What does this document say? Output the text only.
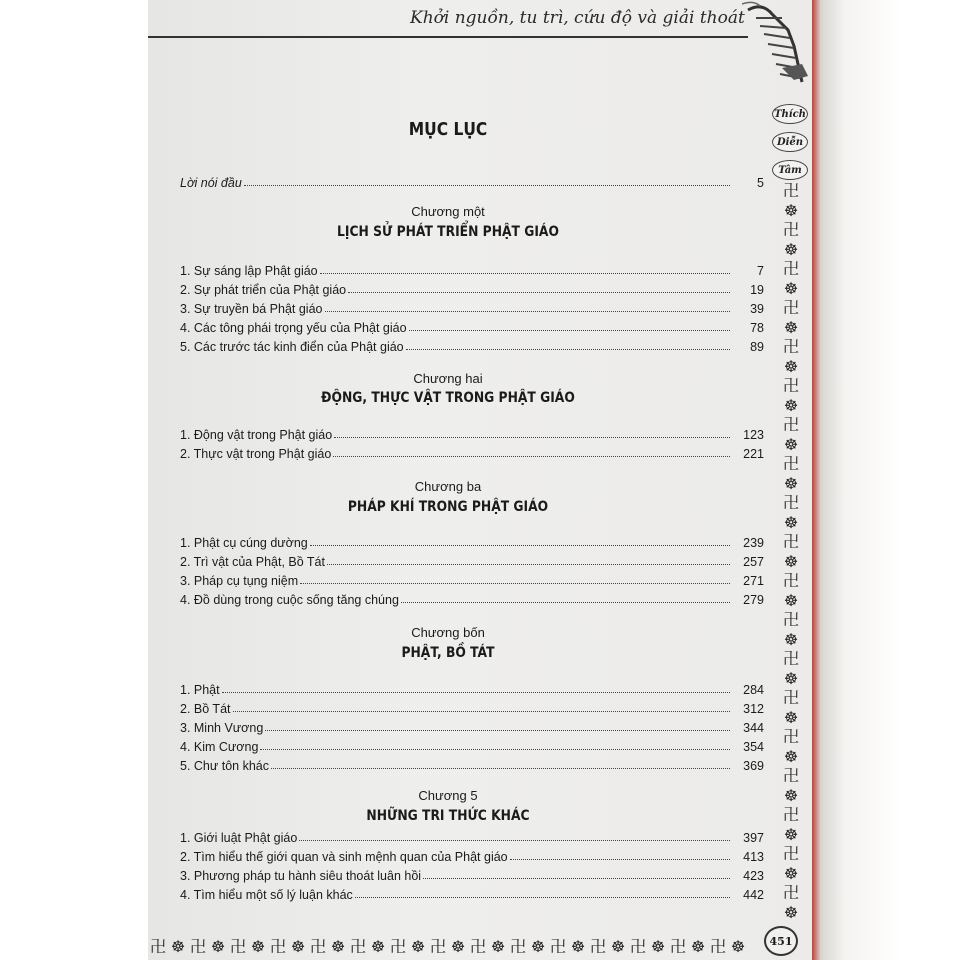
Khởi nguồn, tu trì, cứu độ và giải thoát
Thích
Diễn
Tâm
卍
☸
卍
☸
卍
☸
卍
☸
卍
☸
卍
☸
卍
☸
卍
☸
卍
☸
卍
☸
卍
☸
卍
☸
卍
☸
卍
☸
卍
☸
卍
☸
卍
☸
卍
☸
卍
☸
卍 ☸ 卍 ☸ 卍 ☸ 卍 ☸ 卍 ☸ 卍 ☸ 卍 ☸ 卍 ☸ 卍 ☸ 卍 ☸ 卍 ☸ 卍 ☸ 卍 ☸ 卍 ☸ 卍 ☸	451
MỤC LỤC
Lời nói đầu	5
1. Sự sáng lập Phật giáo	7
2. Sự phát triển của Phật giáo	19
3. Sự truyền bá Phật giáo	39
4. Các tông phái trọng yếu của Phật giáo	78
5. Các trước tác kinh điển của Phật giáo	89
1. Động vật trong Phật giáo	123
2. Thực vật trong Phật giáo	221
1. Phật cụ cúng dường	239
2. Trì vật của Phật, Bồ Tát	257
3. Pháp cụ tụng niệm	271
4. Đồ dùng trong cuộc sống tăng chúng	279
1. Phật	284
2. Bồ Tát	312
3. Minh Vương	344
4. Kim Cương	354
5. Chư tôn khác	369
1. Giới luật Phật giáo	397
2. Tìm hiểu thế giới quan và sinh mệnh quan của Phật giáo	413
3. Phương pháp tu hành siêu thoát luân hồi	423
4. Tìm hiểu một số lý luận khác	442
Chương một
LỊCH SỬ PHÁT TRIỂN PHẬT GIÁO
Chương hai
ĐỘNG, THỰC VẬT TRONG PHẬT GIÁO
Chương ba
PHÁP KHÍ TRONG PHẬT GIÁO
Chương bốn
PHẬT, BỒ TÁT
Chương 5
NHỮNG TRI THỨC KHÁC
